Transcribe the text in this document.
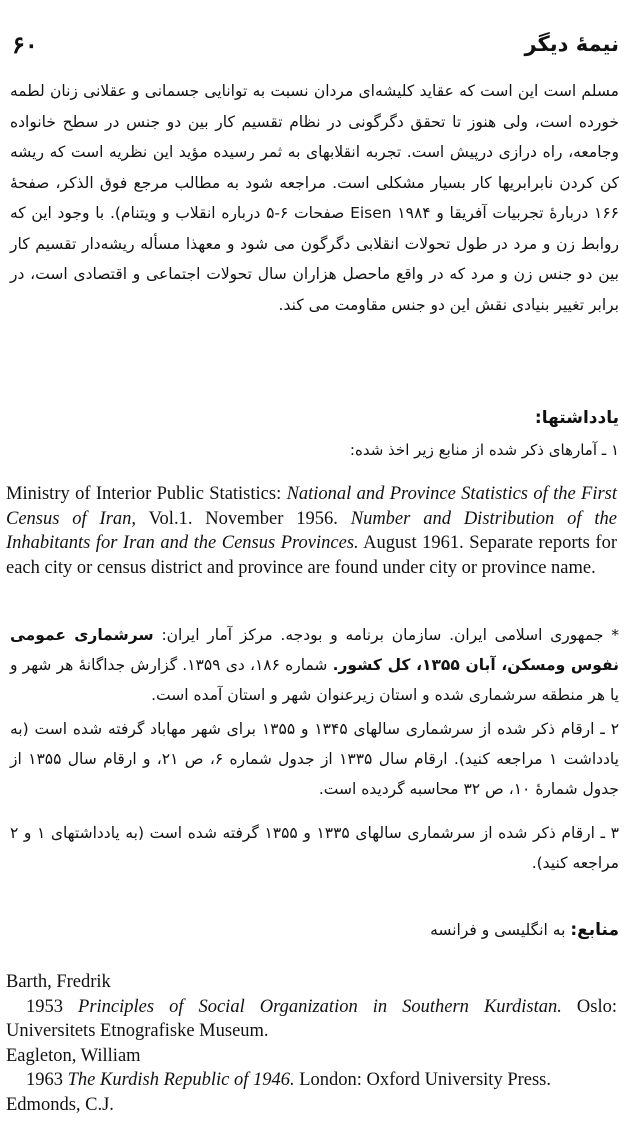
۶۰	نیمهٔ دیگر
مسلم است این است که عقاید کلیشه‌ای مردان نسبت به توانایی جسمانی و عقلانی زنان لطمه خورده است، ولی هنوز تا تحقق دگرگونی در نظام تقسیم کار بین دو جنس در سطح خانواده وجامعه، راه درازی درپیش است. تجربه انقلابهای به ثمر رسیده مؤید این نظریه است که ریشه کن کردن نابرابریها کار بسیار مشکلی است. مراجعه شود به مطالب مرجع فوق الذکر، صفحهٔ ۱۶۶ دربارهٔ تجربیات آفریقا و Eisen ۱۹۸۴ صفحات ۶-۵ درباره انقلاب و ویتنام). با وجود این که روابط زن و مرد در طول تحولات انقلابی دگرگون می شود و معهذا مسأله ریشه‌دار تقسیم کار بین دو جنس زن و مرد که در واقع ماحصل هزاران سال تحولات اجتماعی و اقتصادی است، در برابر تغییر بنیادی نقش این دو جنس مقاومت می کند.
یادداشتها:
۱ ـ آمارهای ذکر شده از منابع زیر اخذ شده:
Ministry of Interior Public Statistics: National and Province Statistics of the First Census of Iran, Vol.1. November 1956. Number and Distribution of the Inhabitants for Iran and the Census Provinces. August 1961. Separate reports for each city or census district and province are found under city or province name.
* جمهوری اسلامی ایران. سازمان برنامه و بودجه. مرکز آمار ایران: سرشماری عمومی نفوس ومسکن، آبان ۱۳۵۵، کل کشور. شماره ۱۸۶، دی ۱۳۵۹. گزارش جداگانهٔ هر شهر و یا هر منطقه سرشماری شده و استان زیرعنوان شهر و استان آمده است.
۲ ـ ارقام ذکر شده از سرشماری سالهای ۱۳۴۵ و ۱۳۵۵ برای شهر مهاباد گرفته شده است (به یادداشت ۱ مراجعه کنید). ارقام سال ۱۳۳۵ از جدول شماره ۶، ص ۲۱، و ارقام سال ۱۳۵۵ از جدول شمارهٔ ۱۰، ص ۳۲ محاسبه گردیده است.
۳ ـ ارقام ذکر شده از سرشماری سالهای ۱۳۳۵ و ۱۳۵۵ گرفته شده است (به یادداشتهای ۱ و ۲ مراجعه کنید).
منابع: به انگلیسی و فرانسه
Barth, Fredrik
1953 Principles of Social Organization in Southern Kurdistan. Oslo: Universitets Etnografiske Museum.
Eagleton, William
1963 The Kurdish Republic of 1946. London: Oxford University Press.
Edmonds, C.J.
